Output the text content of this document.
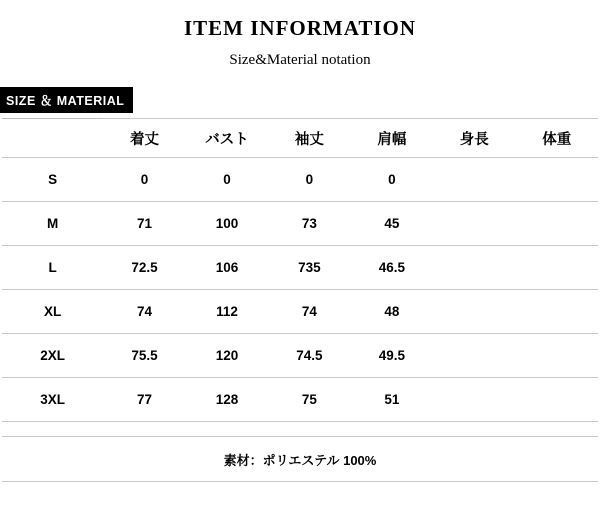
ITEM INFORMATION
Size&Material notation
SIZE ＆ MATERIAL
	着丈	バスト	袖丈	肩幅	身長	体重
S	0	0	0	0		
M	71	100	73	45		
L	72.5	106	735	46.5		
XL	74	112	74	48		
2XL	75.5	120	74.5	49.5		
3XL	77	128	75	51		

素材：ポリエステル 100%						
